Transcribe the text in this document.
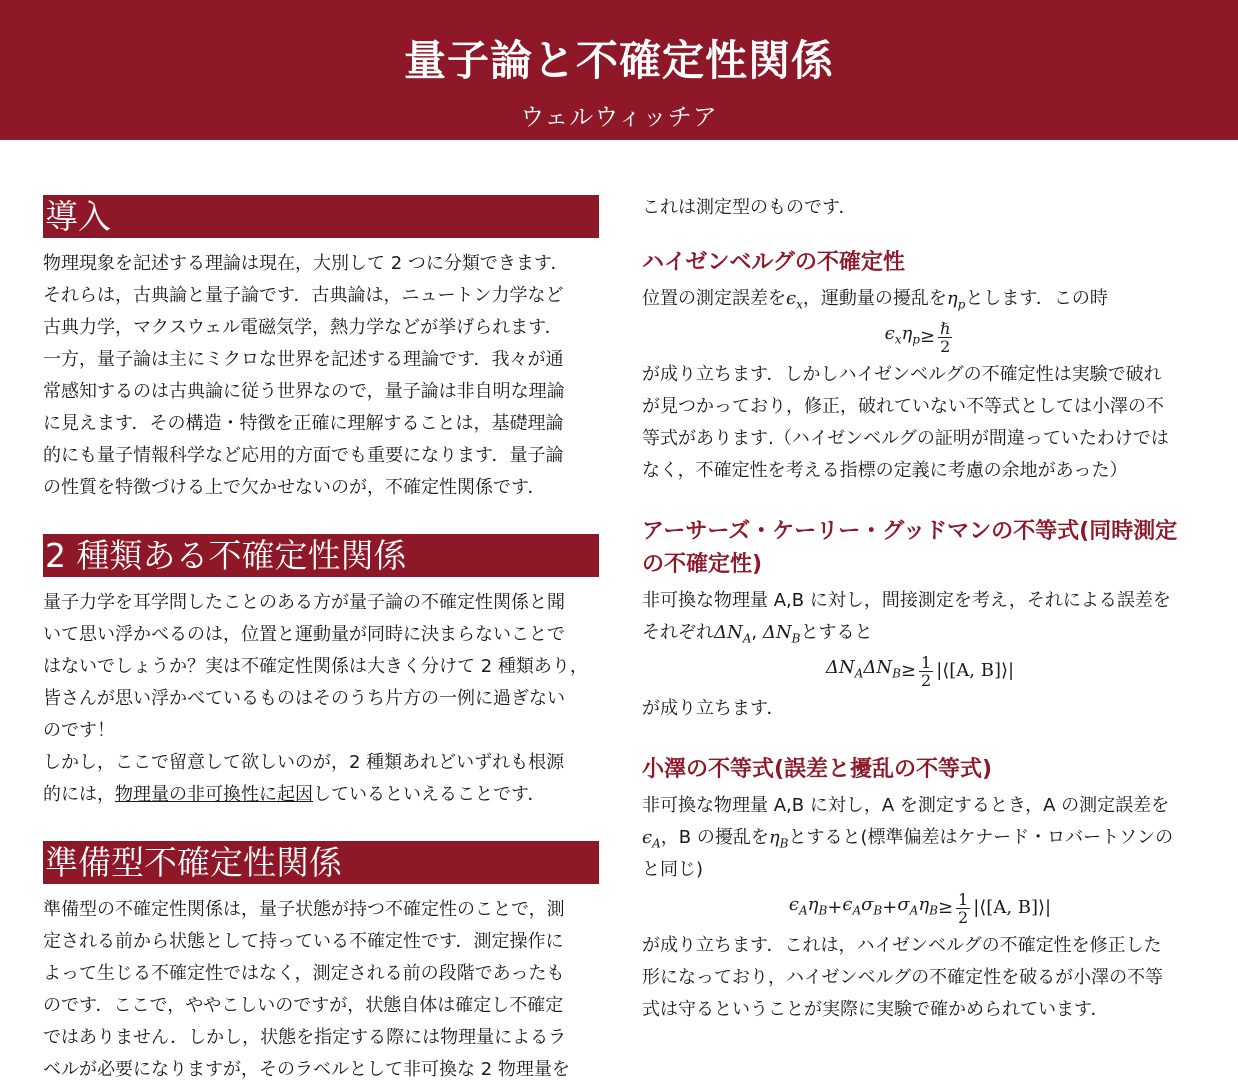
量子論と不確定性関係
ウェルウィッチア
導入
物理現象を記述する理論は現在，大別して 2 つに分類できます．
それらは，古典論と量子論です．古典論は，ニュートン力学など
古典力学，マクスウェル電磁気学，熱力学などが挙げられます．
一方，量子論は主にミクロな世界を記述する理論です．我々が通
常感知するのは古典論に従う世界なので，量子論は非自明な理論
に見えます．その構造・特徴を正確に理解することは，基礎理論
的にも量子情報科学など応用的方面でも重要になります．量子論
の性質を特徴づける上で欠かせないのが，不確定性関係です．
2 種類ある不確定性関係
量子力学を耳学問したことのある方が量子論の不確定性関係と聞
いて思い浮かべるのは，位置と運動量が同時に決まらないことで
はないでしょうか？実は不確定性関係は大きく分けて 2 種類あり，
皆さんが思い浮かべているものはそのうち片方の一例に過ぎない
のです！
しかし，ここで留意して欲しいのが，2 種類あれどいずれも根源
的には，物理量の非可換性に起因しているといえることです．
準備型不確定性関係
準備型の不確定性関係は，量子状態が持つ不確定性のことで，測
定される前から状態として持っている不確定性です．測定操作に
よって生じる不確定性ではなく，測定される前の段階であったも
のです．ここで，ややこしいのですが，状態自体は確定し不確定
ではありません．しかし，状態を指定する際には物理量によるラ
ベルが必要になりますが，そのラベルとして非可換な 2 物理量を
これは測定型のものです．
ハイゼンベルグの不確定性
位置の測定誤差を$\epsilon_x$，運動量の擾乱を$\eta_p$とします．この時
$\epsilon_x$ $\eta_p \ge \frac{\text{ℏ}}{2}$
が成り立ちます．しかしハイゼンベルグの不確定性は実験で破れ
が見つかっており，修正，破れていない不等式としては小澤の不
等式があります.（ハイゼンベルグの証明が間違っていたわけでは
なく，不確定性を考える指標の定義に考慮の余地があった）
アーサーズ・ケーリー・グッドマンの不等式(同時測定
の不確定性)
非可換な物理量 A,B に対し，間接測定を考え，それによる誤差を
それぞれ$\Delta N_A$, $\Delta N_B$とすると
$\Delta N_A$ $\Delta N_B \ge \frac{1}{2}$ |⟨[A, B]⟩|
が成り立ちます．
小澤の不等式(誤差と擾乱の不等式)
非可換な物理量 A,B に対し，A を測定するとき，A の測定誤差を
$\epsilon_A$，B の擾乱を$\eta_B$とすると(標準偏差はケナード・ロバートソンの
と同じ)
$\epsilon_A$ $\eta_B + \epsilon_A$ $\sigma_B + \sigma_A$ $\eta_B \ge \frac{1}{2}$ |⟨[A, B]⟩|
が成り立ちます．これは，ハイゼンベルグの不確定性を修正した
形になっており，ハイゼンベルグの不確定性を破るが小澤の不等
式は守るということが実際に実験で確かめられています．
